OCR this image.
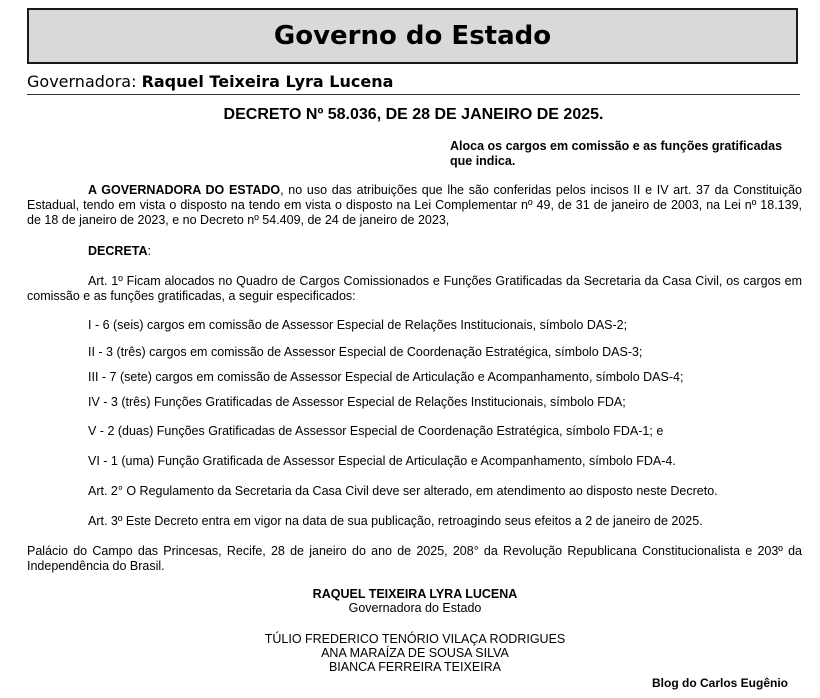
Governo do Estado
Governadora: Raquel Teixeira Lyra Lucena
DECRETO Nº 58.036, DE 28 DE JANEIRO DE 2025.
Aloca os cargos em comissão e as funções gratificadas que indica.
A GOVERNADORA DO ESTADO, no uso das atribuições que lhe são conferidas pelos incisos II e IV art. 37 da Constituição Estadual, tendo em vista o disposto na tendo em vista o disposto na Lei Complementar nº 49, de 31 de janeiro de 2003, na Lei nº 18.139, de 18 de janeiro de 2023, e no Decreto nº 54.409, de 24 de janeiro de 2023,
DECRETA:
Art. 1º Ficam alocados no Quadro de Cargos Comissionados e Funções Gratificadas da Secretaria da Casa Civil, os cargos em comissão e as funções gratificadas, a seguir especificados:
I - 6 (seis) cargos em comissão de Assessor Especial de Relações Institucionais, símbolo DAS-2;
II - 3 (três) cargos em comissão de Assessor Especial de Coordenação Estratégica, símbolo DAS-3;
III - 7 (sete) cargos em comissão de Assessor Especial de Articulação e Acompanhamento, símbolo DAS-4;
IV - 3 (três) Funções Gratificadas de Assessor Especial de Relações Institucionais, símbolo FDA;
V - 2 (duas) Funções Gratificadas de Assessor Especial de Coordenação Estratégica, símbolo FDA-1; e
VI - 1 (uma) Função Gratificada de Assessor Especial de Articulação e Acompanhamento, símbolo FDA-4.
Art. 2° O Regulamento da Secretaria da Casa Civil deve ser alterado, em atendimento ao disposto neste Decreto.
Art. 3º Este Decreto entra em vigor na data de sua publicação, retroagindo seus efeitos a 2 de janeiro de 2025.
Palácio do Campo das Princesas, Recife, 28 de janeiro do ano de 2025, 208° da Revolução Republicana Constitucionalista e 203º da Independência do Brasil.
RAQUEL TEIXEIRA LYRA LUCENA
Governadora do Estado
TÚLIO FREDERICO TENÓRIO VILAÇA RODRIGUES
ANA MARAÍZA DE SOUSA SILVA
BIANCA FERREIRA TEIXEIRA
Blog do Carlos Eugênio
